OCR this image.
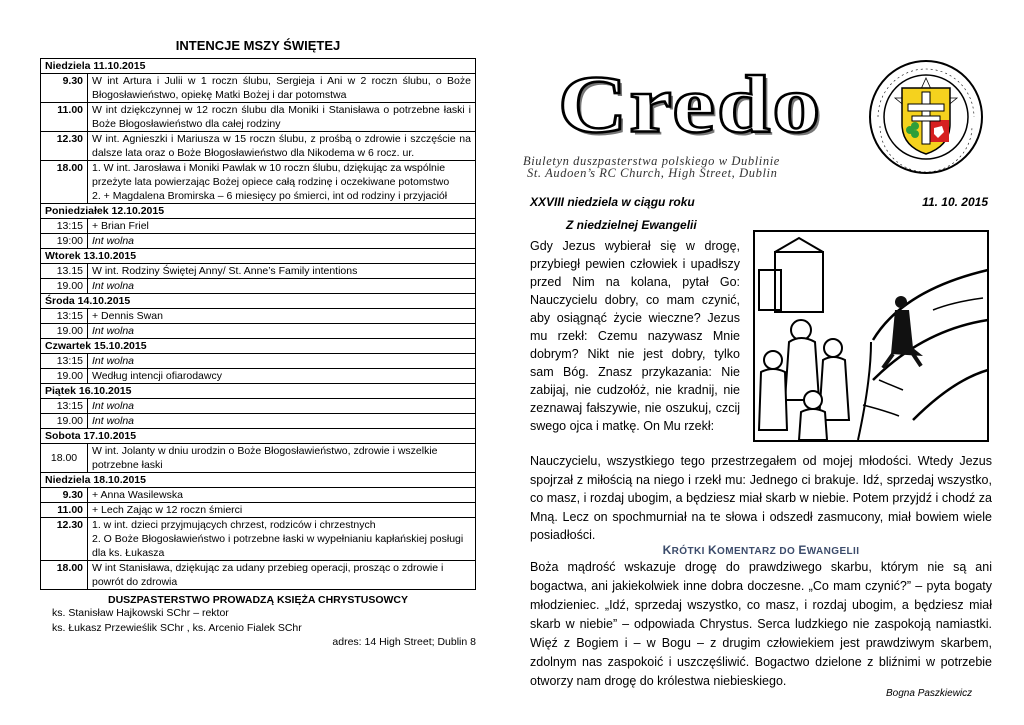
INTENCJE MSZY ŚWIĘTEJ
Niedziela 11.10.2015	
9.30	W int Artura i Julii w 1 roczn ślubu, Sergieja i Ani w 2 roczn ślubu, o Boże Błogosławieństwo, opiekę Matki Bożej i dar potomstwa
11.00	W int dziękczynnej w 12 roczn ślubu dla Moniki i Stanisława o potrzebne łaski i Boże Błogosławieństwo dla całej rodziny
12.30	W int. Agnieszki i Mariusza w 15 roczn ślubu, z prośbą o zdrowie i szczęście na dalsze lata oraz o Boże Błogosławieństwo dla Nikodema w 6 rocz. ur.
18.00	1. W int. Jarosława i Moniki Pawlak w 10 roczn ślubu, dziękując za wspólnie przeżyte lata powierzając Bożej opiece całą rodzinę i oczekiwane potomstwo
2. + Magdalena Bromirska – 6 miesięcy po śmierci, int od rodziny i przyjaciół

Poniedziałek 12.10.2015	
13:15	+ Brian Friel
19:00	Int wolna
Wtorek 13.10.2015	
13.15	W int. Rodziny Świętej Anny/ St. Anne’s Family intentions
19.00	Int wolna
Środa 14.10.2015	
13:15	+ Dennis Swan
19.00	Int wolna
Czwartek 15.10.2015	
13:15	Int wolna
19.00	Według intencji ofiarodawcy
Piątek 16.10.2015	
13:15	Int wolna
19.00	Int wolna
Sobota 17.10.2015	
18.00	W int. Jolanty w dniu urodzin o Boże Błogosławieństwo, zdrowie i wszelkie potrzebne łaski
Niedziela 18.10.2015	
9.30	+ Anna Wasilewska
11.00	+ Lech Zając w 12 roczn śmierci
12.30	1. w int. dzieci przyjmujących chrzest, rodziców i chrzestnych
2. O Boże Błogosławieństwo i potrzebne łaski w wypełnianiu kapłańskiej posługi dla ks. Łukasza

18.00	W int Stanisława, dziękując za udany przebieg operacji, prosząc o zdrowie i powrót do zdrowia
DUSZPASTERSTWO PROWADZĄ KSIĘŻA CHRYSTUSOWCY
ks. Stanisław Hajkowski SChr – rektor
ks. Łukasz Przewieślik SChr , ks. Arcenio Fialek SChr
adres: 14 High Street; Dublin 8
Credo
Biuletyn duszpasterstwa polskiego w Dublinie
St. Audoen’s RC Church, High Street, Dublin
XXVIII niedziela w ciągu roku	11. 10. 2015
Z niedzielnej Ewangelii
Gdy Jezus wybierał się w drogę, przybiegł pewien człowiek i upadłszy przed Nim na kolana, pytał Go: Nauczycielu dobry, co mam czynić, aby osiągnąć życie wieczne? Jezus mu rzekł: Czemu nazywasz Mnie dobrym? Nikt nie jest dobry, tylko sam Bóg. Znasz przykazania: Nie zabijaj, nie cudzołóż, nie kradnij, nie zeznawaj fałszywie, nie oszukuj, czcij swego ojca i matkę. On Mu rzekł:
Nauczycielu, wszystkiego tego przestrzegałem od mojej młodości. Wtedy Jezus spojrzał z miłością na niego i rzekł mu: Jednego ci brakuje. Idź, sprzedaj wszystko, co masz, i rozdaj ubogim, a będziesz miał skarb w niebie. Potem przyjdź i chodź za Mną. Lecz on spochmurniał na te słowa i odszedł zasmucony, miał bowiem wiele posiadłości.
KRÓTKI KOMENTARZ DO EWANGELII
Boża mądrość wskazuje drogę do prawdziwego skarbu, którym nie są ani bogactwa, ani jakiekolwiek inne dobra doczesne. „Co mam czynić?” – pyta bogaty młodzieniec. „Idź, sprzedaj wszystko, co masz, i rozdaj ubogim, a będziesz miał skarb w niebie” – odpowiada Chrystus. Serca ludzkiego nie zaspokoją namiastki. Więź z Bogiem i – w Bogu – z drugim człowiekiem jest prawdziwym skarbem, zdolnym nas zaspokoić i uszczęśliwić. Bogactwo dzielone z bliźnimi w potrzebie otworzy nam drogę do królestwa niebieskiego.
Bogna Paszkiewicz
